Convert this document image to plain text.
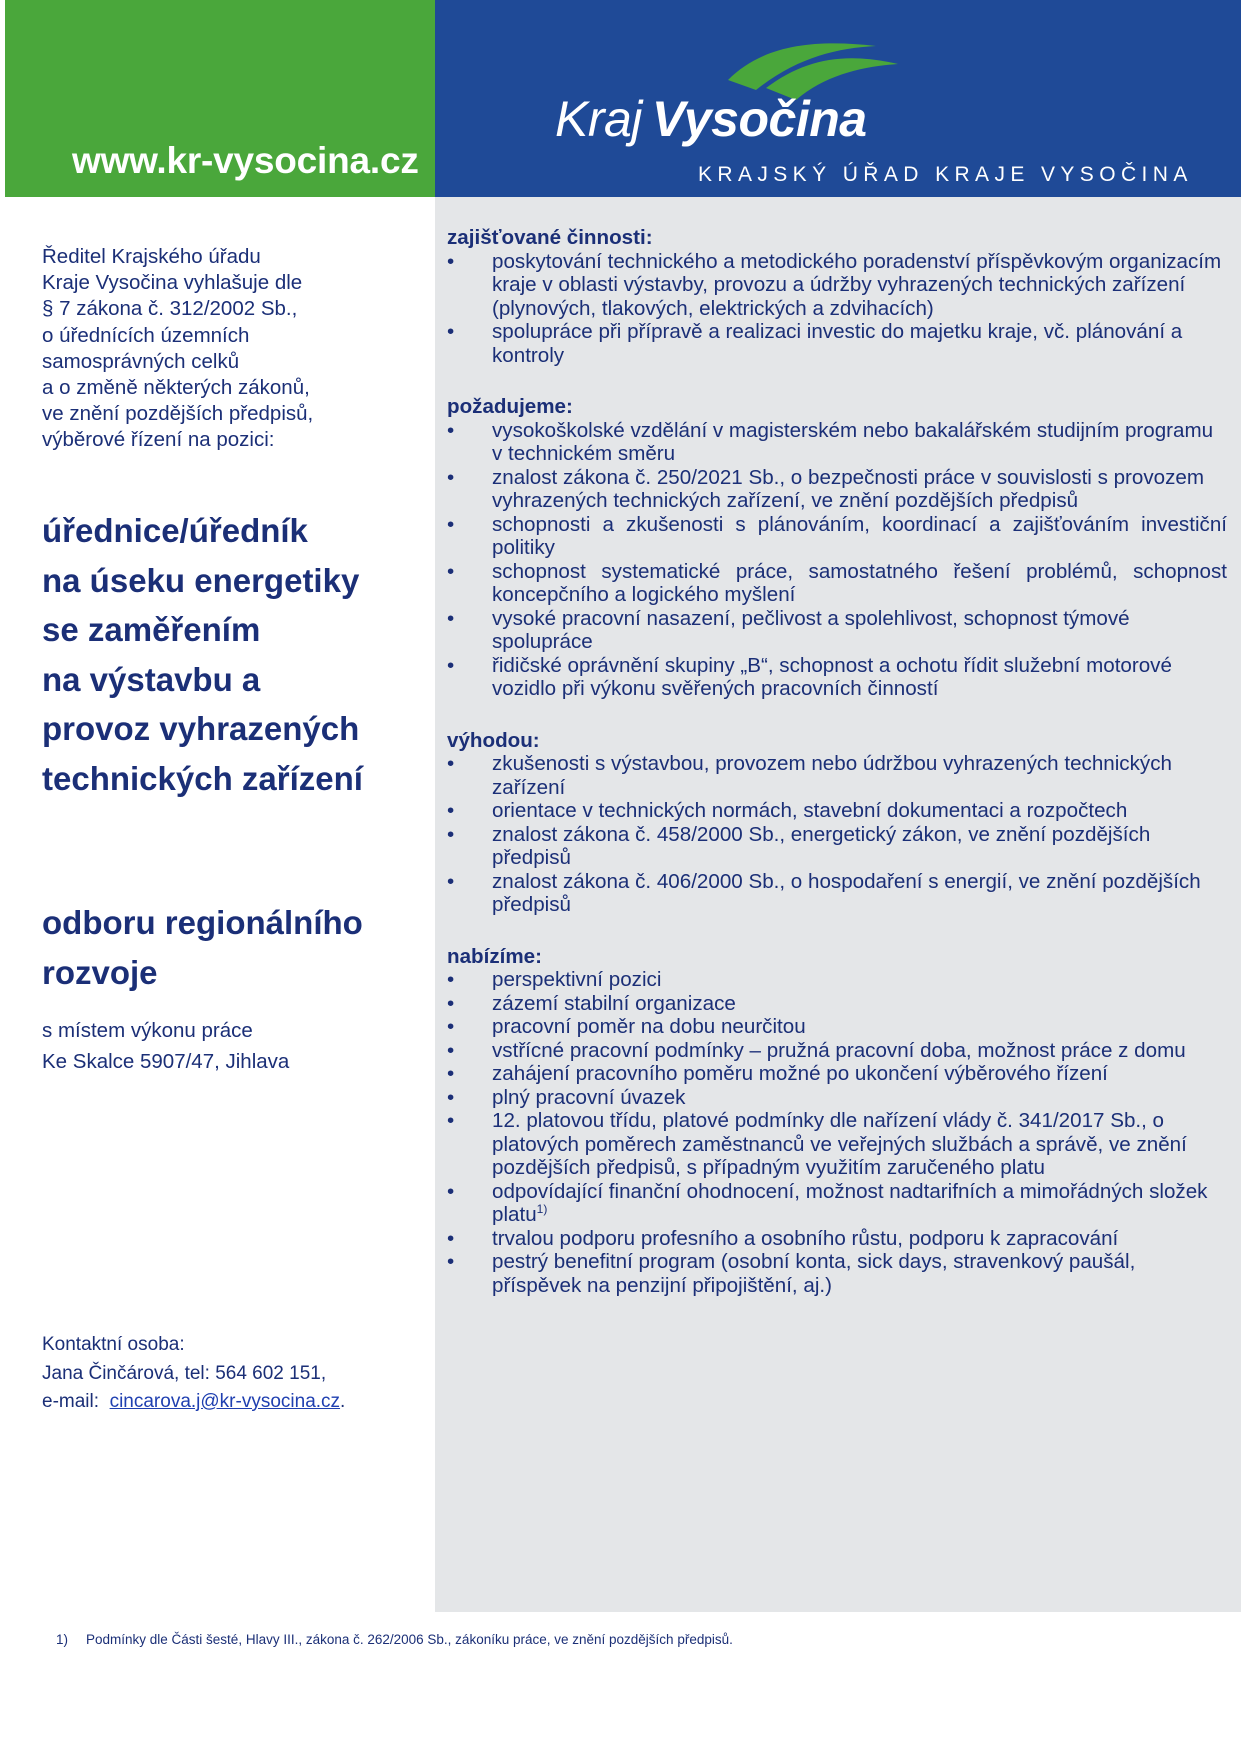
www.kr-vysocina.cz
Kraj Vysočina
KRAJSKÝ ÚŘAD KRAJE VYSOČINA
zajišťované činnosti:
• poskytování technického a metodického poradenství příspěvkovým organizacím kraje v oblasti výstavby, provozu a údržby vyhrazených technických zařízení (plynových, tlakových, elektrických a zdvihacích)
• spolupráce při přípravě a realizaci investic do majetku kraje, vč. plánování a kontroly
požadujeme:
• vysokoškolské vzdělání v magisterském nebo bakalářském studijním programu v technickém směru
• znalost zákona č. 250/2021 Sb., o bezpečnosti práce v souvislosti s provozem vyhrazených technických zařízení, ve znění pozdějších předpisů
• schopnosti a zkušenosti s plánováním, koordinací a zajišťováním investiční politiky
• schopnost systematické práce, samostatného řešení problémů, schopnost koncepčního a logického myšlení
• vysoké pracovní nasazení, pečlivost a spolehlivost, schopnost týmové spolupráce
• řidičské oprávnění skupiny „B“, schopnost a ochotu řídit služební motorové vozidlo při výkonu svěřených pracovních činností
výhodou:
• zkušenosti s výstavbou, provozem nebo údržbou vyhrazených technických zařízení
• orientace v technických normách, stavební dokumentaci a rozpočtech
• znalost zákona č. 458/2000 Sb., energetický zákon, ve znění pozdějších předpisů
• znalost zákona č. 406/2000 Sb., o hospodaření s energií, ve znění pozdějších předpisů
nabízíme:
• perspektivní pozici
• zázemí stabilní organizace
• pracovní poměr na dobu neurčitou
• vstřícné pracovní podmínky – pružná pracovní doba, možnost práce z domu
• zahájení pracovního poměru možné po ukončení výběrového řízení
• plný pracovní úvazek
• 12. platovou třídu, platové podmínky dle nařízení vlády č. 341/2017 Sb., o platových poměrech zaměstnanců ve veřejných službách a správě, ve znění pozdějších předpisů, s případným využitím zaručeného platu
• odpovídající finanční ohodnocení, možnost nadtarifních a mimořádných složek platu$^{1)}$
• trvalou podporu profesního a osobního růstu, podporu k zapracování
• pestrý benefitní program (osobní konta, sick days, stravenkový paušál, příspěvek na penzijní připojištění, aj.)

Ředitel Krajského úřadu
Kraje Vysočina vyhlašuje dle
§ 7 zákona č. 312/2002 Sb.,
o úřednících územních
samosprávných celků
a o změně některých zákonů,
ve znění pozdějších předpisů,
výběrové řízení na pozici:

úřednice/úředník
na úseku energetiky
se zaměřením
na výstavbu a
provoz vyhrazených
technických zařízení
odboru regionálního
rozvoje

s místem výkonu práce
Ke Skalce 5907/47, Jihlava

Kontaktní osoba:
Jana Činčárová, tel: 564 602 151,
e-mail: cincarova.j@kr-vysocina.cz.

1) Podmínky dle Části šesté, Hlavy III., zákona č. 262/2006 Sb., zákoníku práce, ve znění pozdějších předpisů.
